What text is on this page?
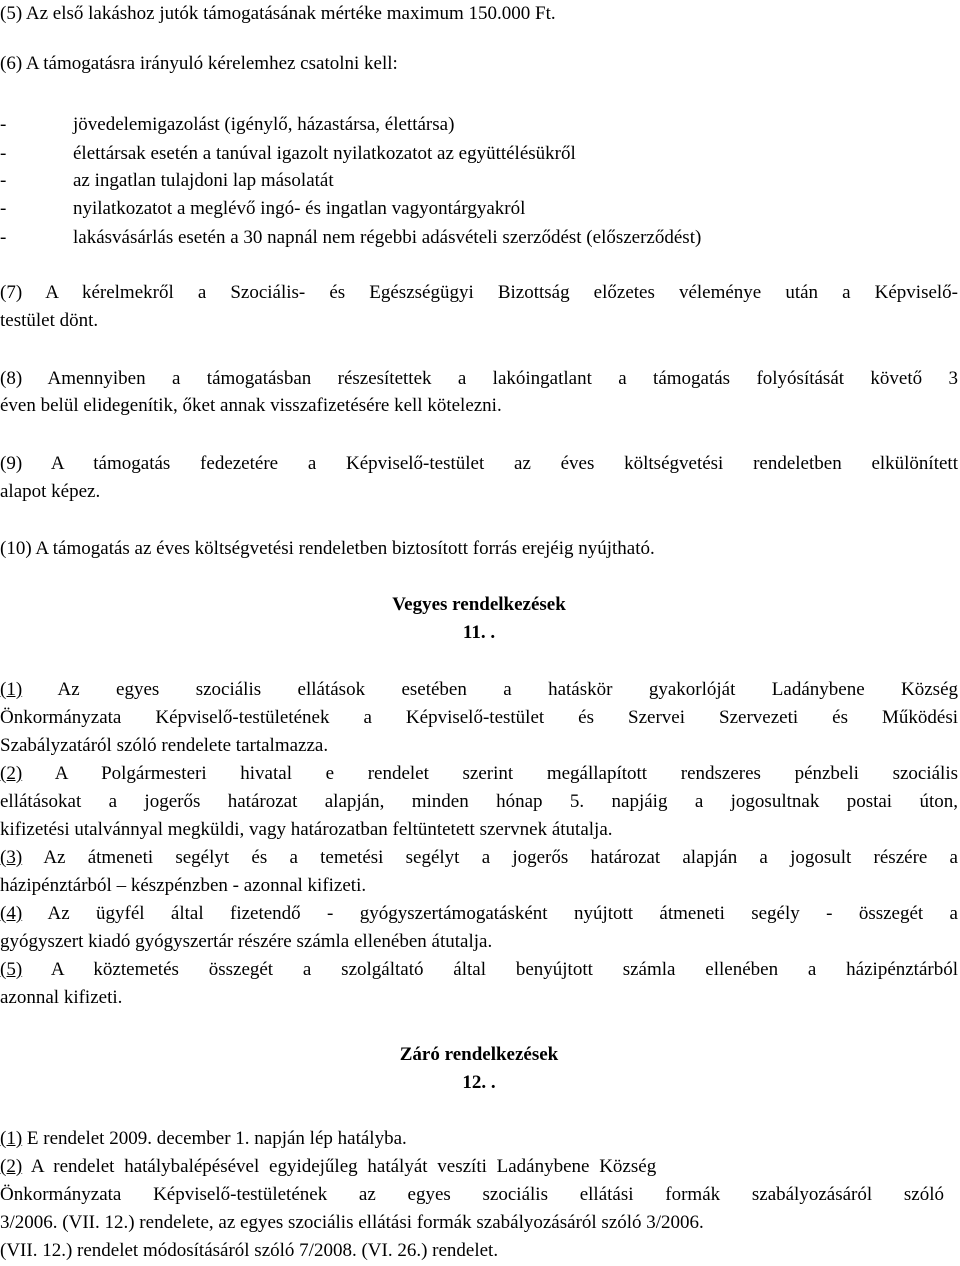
(5) Az első lakáshoz jutók támogatásának mértéke maximum 150.000 Ft.
(6) A támogatásra irányuló kérelemhez csatolni kell:
-	jövedelemigazolást (igénylő, házastársa, élettársa)
-	élettársak esetén a tanúval igazolt nyilatkozatot az együttélésükről
-	az ingatlan tulajdoni lap másolatát
-	nyilatkozatot a meglévő ingó- és ingatlan vagyontárgyakról
-	lakásvásárlás esetén a 30 napnál nem régebbi adásvételi szerződést (előszerződést)
(7) A kérelmekről a Szociális- és Egészségügyi Bizottság előzetes véleménye után a Képviselő-
testület dönt.
(8) Amennyiben a támogatásban részesítettek a lakóingatlant a támogatás folyósítását követő 3
éven belül elidegenítik, őket annak visszafizetésére kell kötelezni.
(9) A támogatás fedezetére a Képviselő-testület az éves költségvetési rendeletben elkülönített
alapot képez.
(10) A támogatás az éves költségvetési rendeletben biztosított forrás erejéig nyújtható.
Vegyes rendelkezések
11. .
(1) Az egyes szociális ellátások esetében a hatáskör gyakorlóját Ladánybene Község
Önkormányzata Képviselő-testületének a Képviselő-testület és Szervei Szervezeti és Működési
Szabályzatáról szóló rendelete tartalmazza.
(2) A Polgármesteri hivatal e rendelet szerint megállapított rendszeres pénzbeli szociális
ellátásokat a jogerős határozat alapján, minden hónap 5. napjáig a jogosultnak postai úton,
kifizetési utalvánnyal megküldi, vagy határozatban feltüntetett szervnek átutalja.
(3) Az átmeneti segélyt és a temetési segélyt a jogerős határozat alapján a jogosult részére a
házipénztárból – készpénzben - azonnal kifizeti.
(4) Az ügyfél által fizetendő - gyógyszertámogatásként nyújtott átmeneti segély - összegét a
gyógyszert kiadó gyógyszertár részére számla ellenében átutalja.
(5) A köztemetés összegét a szolgáltató által benyújtott számla ellenében a házipénztárból
azonnal kifizeti.
Záró rendelkezések
12. .
(1) E rendelet 2009. december 1. napján lép hatályba.
(2) A rendelet hatálybalépésével egyidejűleg hatályát veszíti Ladánybene Község
Önkormányzata Képviselő-testületének az egyes szociális ellátási formák szabályozásáról szóló
3/2006. (VII. 12.) rendelete, az egyes szociális ellátási formák szabályozásáról szóló 3/2006.
(VII. 12.) rendelet módosításáról szóló 7/2008. (VI. 26.) rendelet.
